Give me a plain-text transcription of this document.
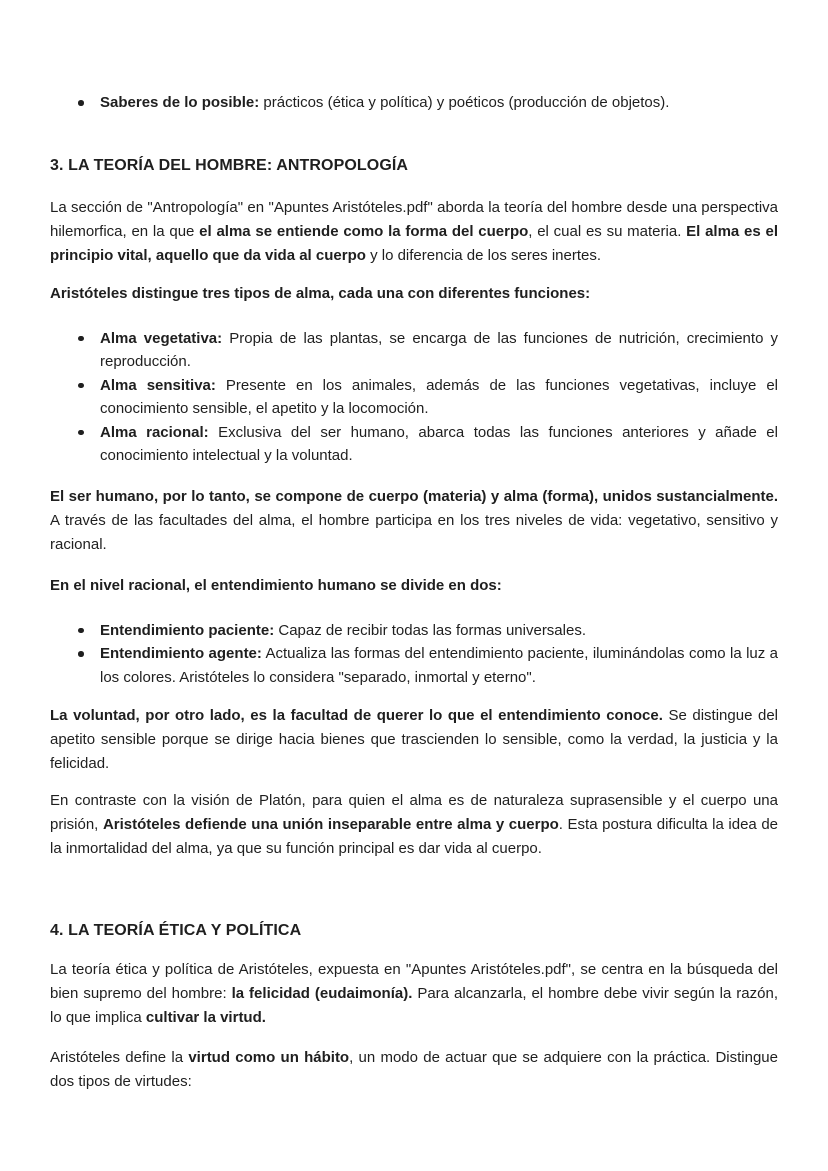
Saberes de lo posible: prácticos (ética y política) y poéticos (producción de objetos).
3. LA TEORÍA DEL HOMBRE: ANTROPOLOGÍA

La sección de "Antropología" en "Apuntes Aristóteles.pdf" aborda la teoría del hombre desde una perspectiva hilemorfica, en la que el alma se entiende como la forma del cuerpo, el cual es su materia. El alma es el principio vital, aquello que da vida al cuerpo y lo diferencia de los seres inertes.

Aristóteles distingue tres tipos de alma, cada una con diferentes funciones:

Alma vegetativa: Propia de las plantas, se encarga de las funciones de nutrición, crecimiento y reproducción.
Alma sensitiva: Presente en los animales, además de las funciones vegetativas, incluye el conocimiento sensible, el apetito y la locomoción.
Alma racional: Exclusiva del ser humano, abarca todas las funciones anteriores y añade el conocimiento intelectual y la voluntad.

El ser humano, por lo tanto, se compone de cuerpo (materia) y alma (forma), unidos sustancialmente. A través de las facultades del alma, el hombre participa en los tres niveles de vida: vegetativo, sensitivo y racional.

En el nivel racional, el entendimiento humano se divide en dos:

Entendimiento paciente: Capaz de recibir todas las formas universales.
Entendimiento agente: Actualiza las formas del entendimiento paciente, iluminándolas como la luz a los colores. Aristóteles lo considera "separado, inmortal y eterno".

La voluntad, por otro lado, es la facultad de querer lo que el entendimiento conoce. Se distingue del apetito sensible porque se dirige hacia bienes que trascienden lo sensible, como la verdad, la justicia y la felicidad.

En contraste con la visión de Platón, para quien el alma es de naturaleza suprasensible y el cuerpo una prisión, Aristóteles defiende una unión inseparable entre alma y cuerpo. Esta postura dificulta la idea de la inmortalidad del alma, ya que su función principal es dar vida al cuerpo.

4. LA TEORÍA ÉTICA Y POLÍTICA

La teoría ética y política de Aristóteles, expuesta en "Apuntes Aristóteles.pdf", se centra en la búsqueda del bien supremo del hombre: la felicidad (eudaimonía). Para alcanzarla, el hombre debe vivir según la razón, lo que implica cultivar la virtud.

Aristóteles define la virtud como un hábito, un modo de actuar que se adquiere con la práctica. Distingue dos tipos de virtudes:
